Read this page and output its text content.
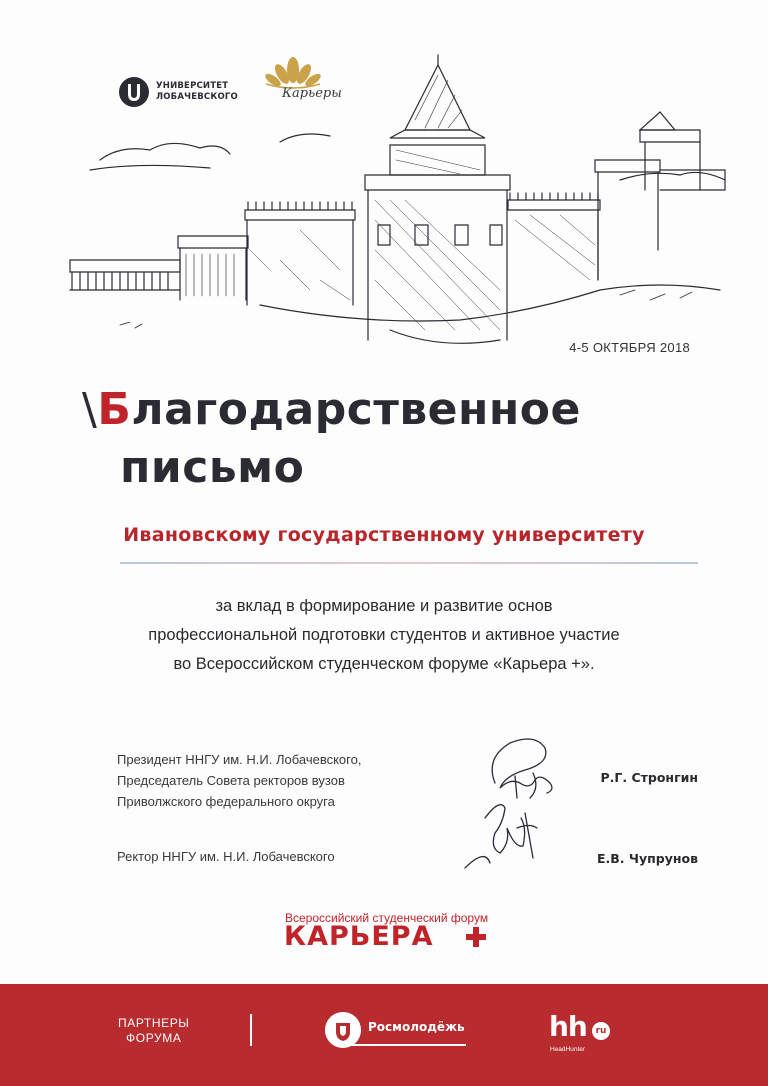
УНИВЕРСИТЕТ
ЛОБАЧЕВСКОГО	Карьеры
4-5 ОКТЯБРЯ 2018
\Благодарственное
письмо
Ивановскому государственному университету
за вклад в формирование и развитие основ
профессиональной подготовки студентов и активное участие
во Всероссийском студенческом форуме «Карьера +».
Президент ННГУ им. Н.И. Лобачевского,
Председатель Совета ректоров вузов
Приволжского федерального округа
Р.Г. Стронгин
Ректор ННГУ им. Н.И. Лобачевского	Е.В. Чупрунов
Всероссийский студенческий форум
КАРЬЕРА
ПАРТНЕРЫ
ФОРУМА
Росмолодёжь	hh ru
HeadHunter
